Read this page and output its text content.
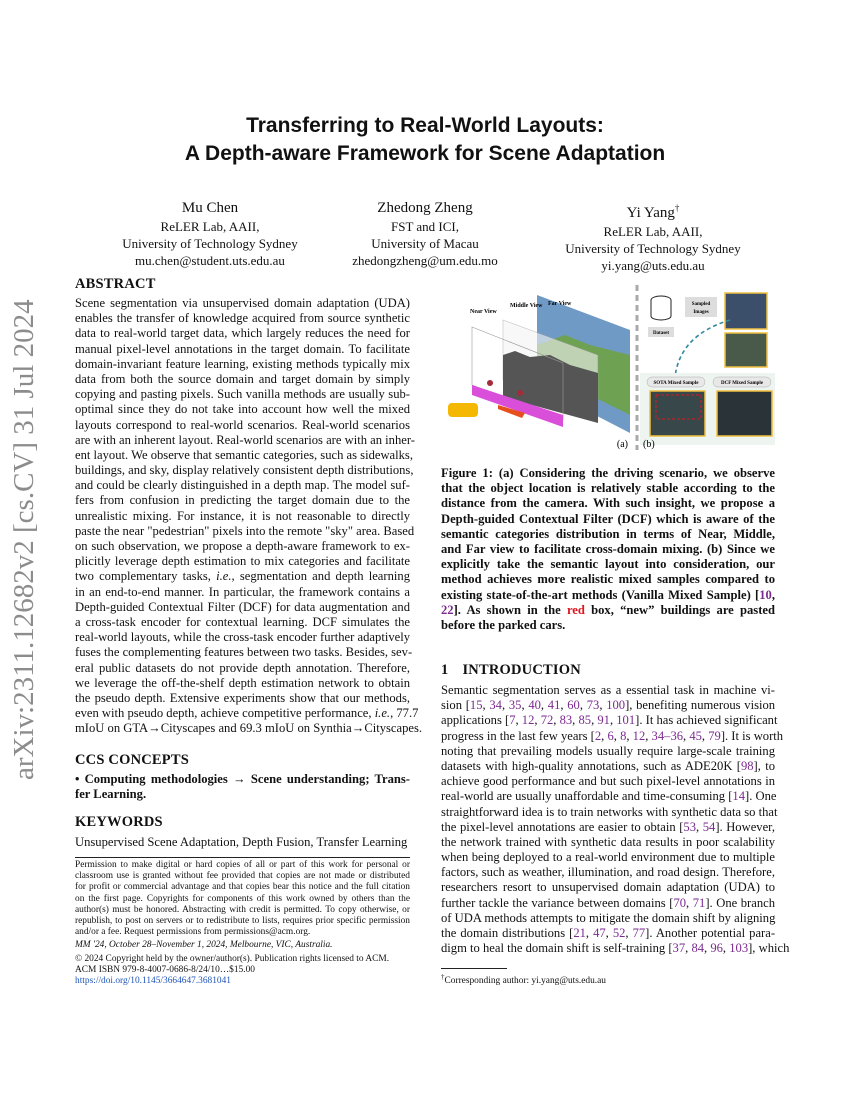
arXiv:2311.12682v2 [cs.CV] 31 Jul 2024
Transferring to Real-World Layouts:
A Depth-aware Framework for Scene Adaptation
Mu Chen
ReLER Lab, AAII,
University of Technology Sydney
mu.chen@student.uts.edu.au
Zhedong Zheng
FST and ICI,
University of Macau
zhedongzheng@um.edu.mo
Yi Yang†
ReLER Lab, AAII,
University of Technology Sydney
yi.yang@uts.edu.au
ABSTRACT
Scene segmentation via unsupervised domain adaptation (UDA)
enables the transfer of knowledge acquired from source synthetic
data to real-world target data, which largely reduces the need for
manual pixel-level annotations in the target domain. To facilitate
domain-invariant feature learning, existing methods typically mix
data from both the source domain and target domain by simply
copying and pasting pixels. Such vanilla methods are usually sub-
optimal since they do not take into account how well the mixed
layouts correspond to real-world scenarios. Real-world scenarios
are with an inherent layout. Real-world scenarios are with an inher-
ent layout. We observe that semantic categories, such as sidewalks,
buildings, and sky, display relatively consistent depth distributions,
and could be clearly distinguished in a depth map. The model suf-
fers from confusion in predicting the target domain due to the
unrealistic mixing. For instance, it is not reasonable to directly
paste the near "pedestrian" pixels into the remote "sky" area. Based
on such observation, we propose a depth-aware framework to ex-
plicitly leverage depth estimation to mix categories and facilitate
two complementary tasks, i.e., segmentation and depth learning
in an end-to-end manner. In particular, the framework contains a
Depth-guided Contextual Filter (DCF) for data augmentation and
a cross-task encoder for contextual learning. DCF simulates the
real-world layouts, while the cross-task encoder further adaptively
fuses the complementing features between two tasks. Besides, sev-
eral public datasets do not provide depth annotation. Therefore,
we leverage the off-the-shelf depth estimation network to obtain
the pseudo depth. Extensive experiments show that our methods,
even with pseudo depth, achieve competitive performance, i.e., 77.7
mIoU on GTA→Cityscapes and 69.3 mIoU on Synthia→Cityscapes.
CCS CONCEPTS
• Computing methodologies → Scene understanding; Trans-
fer Learning.
KEYWORDS
Unsupervised Scene Adaptation, Depth Fusion, Transfer Learning
Permission to make digital or hard copies of all or part of this work for personal or
classroom use is granted without fee provided that copies are not made or distributed
for profit or commercial advantage and that copies bear this notice and the full citation
on the first page. Copyrights for components of this work owned by others than the
author(s) must be honored. Abstracting with credit is permitted. To copy otherwise, or
republish, to post on servers or to redistribute to lists, requires prior specific permission
and/or a fee. Request permissions from permissions@acm.org.
MM '24, October 28–November 1, 2024, Melbourne, VIC, Australia.
© 2024 Copyright held by the owner/author(s). Publication rights licensed to ACM.
ACM ISBN 979-8-4007-0686-8/24/10…$15.00
https://doi.org/10.1145/3664647.3681041
Near View
Middle View Far View
Dataset
Sampled
Images
SOTA Mixed Sample	DCF Mixed Sample
(a) (b)
Figure 1: (a) Considering the driving scenario, we observe
that the object location is relatively stable according to the
distance from the camera. With such insight, we propose a
Depth-guided Contextual Filter (DCF) which is aware of the
semantic categories distribution in terms of Near, Middle,
and Far view to facilitate cross-domain mixing. (b) Since we
explicitly take the semantic layout into consideration, our
method achieves more realistic mixed samples compared to
existing state-of-the-art methods (Vanilla Mixed Sample) [10,
22]. As shown in the red box, “new” buildings are pasted
before the parked cars.
1 INTRODUCTION
Semantic segmentation serves as a essential task in machine vi-
sion [15, 34, 35, 40, 41, 60, 73, 100], benefiting numerous vision
applications [7, 12, 72, 83, 85, 91, 101]. It has achieved significant
progress in the last few years [2, 6, 8, 12, 34–36, 45, 79]. It is worth
noting that prevailing models usually require large-scale training
datasets with high-quality annotations, such as ADE20K [98], to
achieve good performance and but such pixel-level annotations in
real-world are usually unaffordable and time-consuming [14]. One
straightforward idea is to train networks with synthetic data so that
the pixel-level annotations are easier to obtain [53, 54]. However,
the network trained with synthetic data results in poor scalability
when being deployed to a real-world environment due to multiple
factors, such as weather, illumination, and road design. Therefore,
researchers resort to unsupervised domain adaptation (UDA) to
further tackle the variance between domains [70, 71]. One branch
of UDA methods attempts to mitigate the domain shift by aligning
the domain distributions [21, 47, 52, 77]. Another potential para-
digm to heal the domain shift is self-training [37, 84, 96, 103], which
†Corresponding author: yi.yang@uts.edu.au
